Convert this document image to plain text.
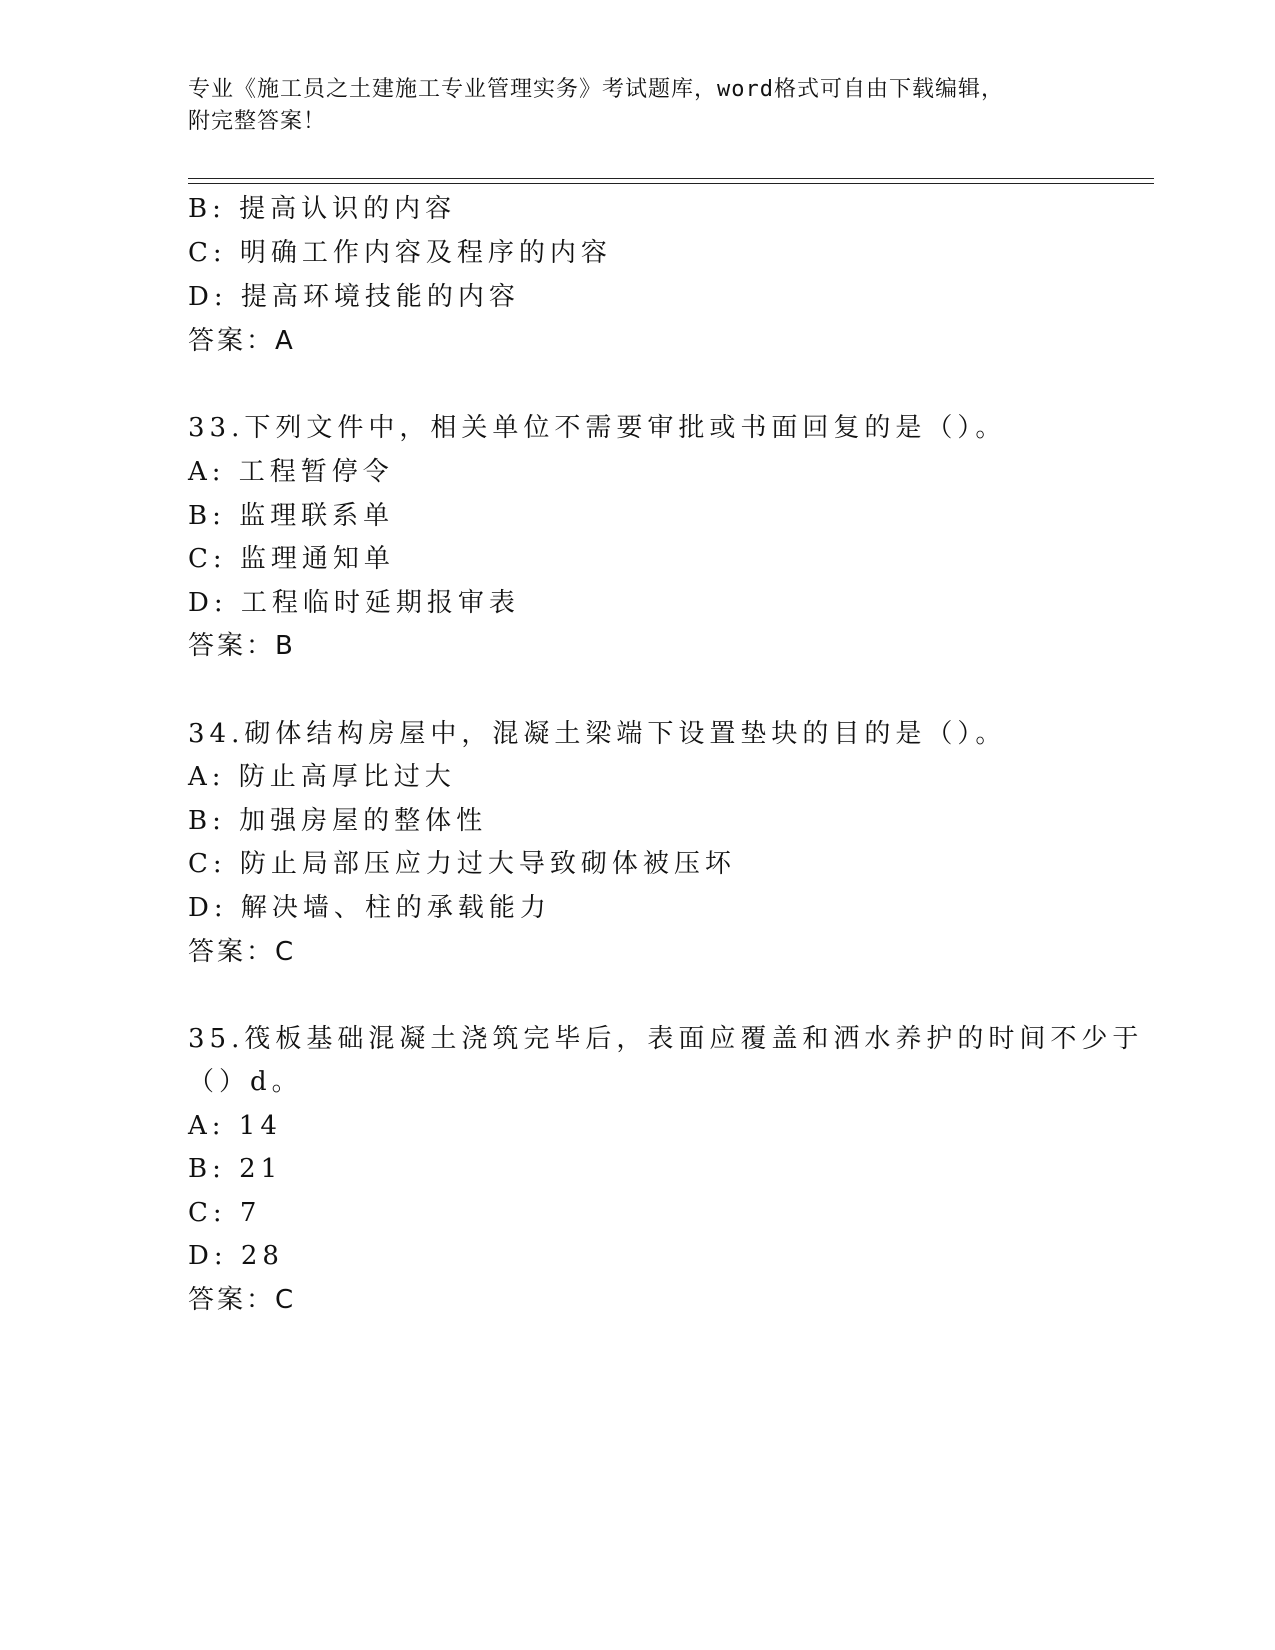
专业《施工员之土建施工专业管理实务》考试题库，word格式可自由下载编辑，
附完整答案！
B: 提高认识的内容
C: 明确工作内容及程序的内容
D: 提高环境技能的内容
答案：A
33.下列文件中，相关单位不需要审批或书面回复的是（）。
A: 工程暂停令
B: 监理联系单
C: 监理通知单
D: 工程临时延期报审表
答案：B
34.砌体结构房屋中，混凝土梁端下设置垫块的目的是（）。
A: 防止高厚比过大
B: 加强房屋的整体性
C: 防止局部压应力过大导致砌体被压坏
D: 解决墙、柱的承载能力
答案：C
35.筏板基础混凝土浇筑完毕后，表面应覆盖和洒水养护的时间不少于
（）d。
A: 14
B: 21
C: 7
D: 28
答案：C
